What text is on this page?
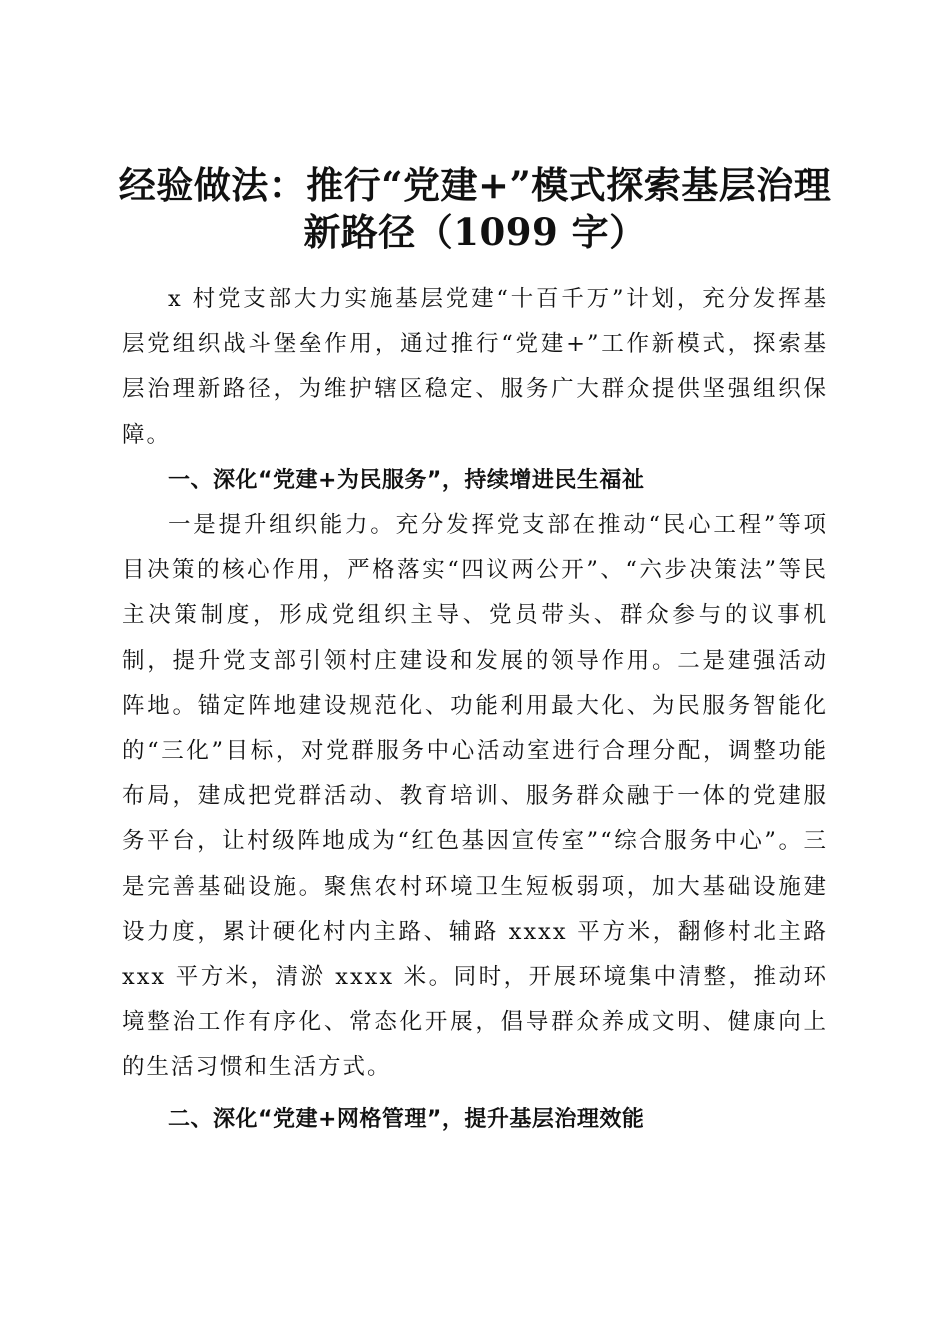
经验做法：推行“党建+”模式探索基层治理
新路径（1099 字）

x 村党支部大力实施基层党建“十百千万”计划，充分发挥基层党组织战斗堡垒作用，通过推行“党建+”工作新模式，探索基层治理新路径，为维护辖区稳定、服务广大群众提供坚强组织保障。

一、深化“党建+为民服务”，持续增进民生福祉

一是提升组织能力。充分发挥党支部在推动“民心工程”等项目决策的核心作用，严格落实“四议两公开”、“六步决策法”等民主决策制度，形成党组织主导、党员带头、群众参与的议事机制，提升党支部引领村庄建设和发展的领导作用。二是建强活动阵地。锚定阵地建设规范化、功能利用最大化、为民服务智能化的“三化”目标，对党群服务中心活动室进行合理分配，调整功能布局，建成把党群活动、教育培训、服务群众融于一体的党建服务平台，让村级阵地成为“红色基因宣传室”“综合服务中心”。三是完善基础设施。聚焦农村环境卫生短板弱项，加大基础设施建设力度，累计硬化村内主路、辅路 xxxx 平方米，翻修村北主路 xxx 平方米，清淤 xxxx 米。同时，开展环境集中清整，推动环境整治工作有序化、常态化开展，倡导群众养成文明、健康向上的生活习惯和生活方式。

二、深化“党建+网格管理”，提升基层治理效能
